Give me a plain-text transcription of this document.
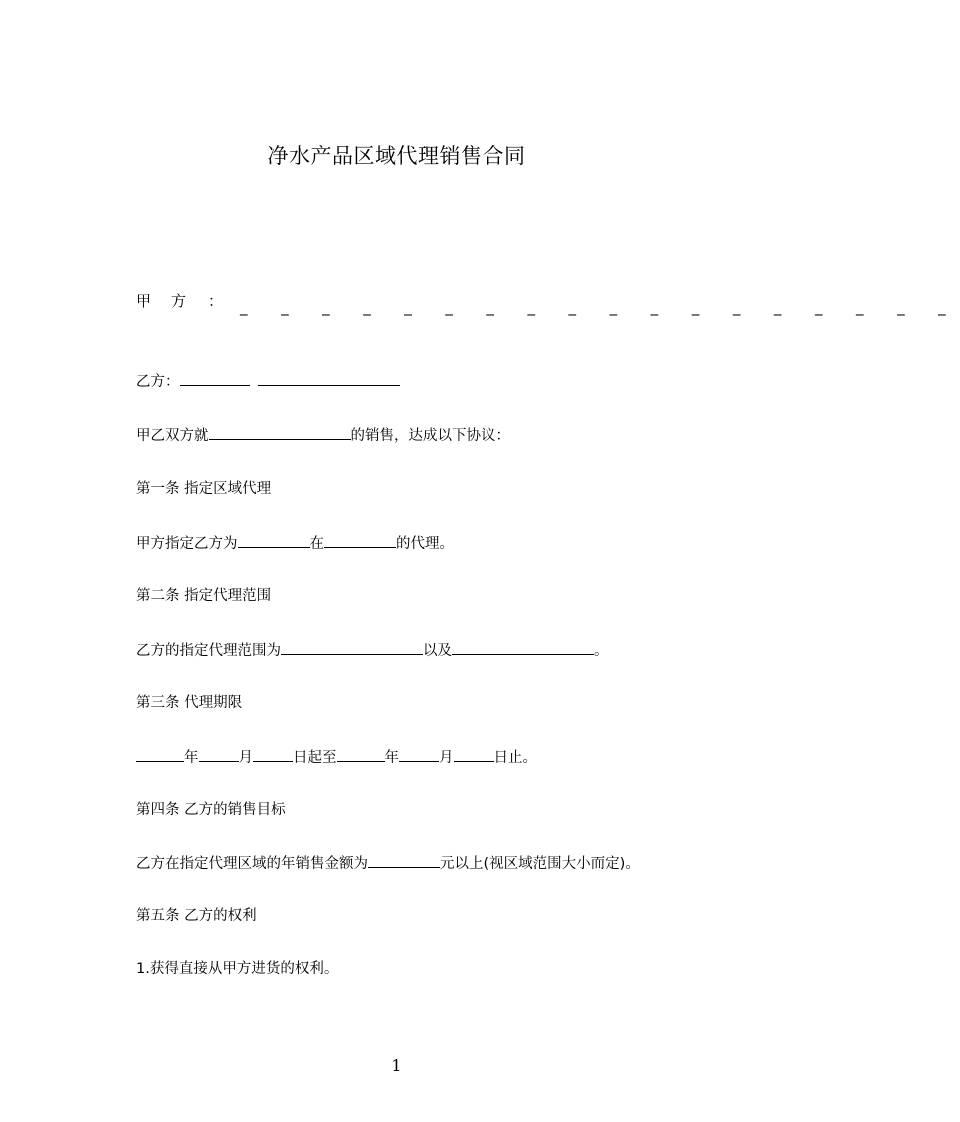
净水产品区域代理销售合同
甲 方 ： _ _ _ _ _ _ _ _ _ _ _ _ _ _ _ _ _ _
乙方：
甲乙双方就	的销售，达成以下协议：
第一条 指定区域代理
甲方指定乙方为	在	的代理。
第二条 指定代理范围
乙方的指定代理范围为	以及	。
第三条 代理期限
年	月	日起至	年	月	日止。
第四条 乙方的销售目标
乙方在指定代理区域的年销售金额为	元以上(视区域范围大小而定)。
第五条 乙方的权利
1.获得直接从甲方进货的权利。
1
